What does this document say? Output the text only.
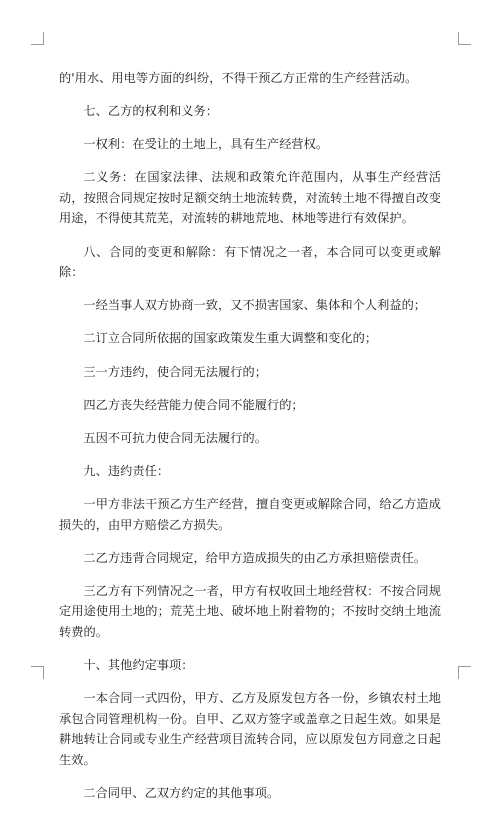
的'用水、用电等方面的纠纷，不得干预乙方正常的生产经营活动。

七、乙方的权利和义务：

一权利：在受让的土地上，具有生产经营权。

二义务：在国家法律、法规和政策允许范围内，从事生产经营活动，按照合同规定按时足额交纳土地流转费，对流转土地不得擅自改变用途，不得使其荒芜，对流转的耕地荒地、林地等进行有效保护。

八、合同的变更和解除：有下情况之一者，本合同可以变更或解除：

一经当事人双方协商一致，又不损害国家、集体和个人利益的；

二订立合同所依据的国家政策发生重大调整和变化的；

三一方违约，使合同无法履行的；

四乙方丧失经营能力使合同不能履行的；

五因不可抗力使合同无法履行的。

九、违约责任：

一甲方非法干预乙方生产经营，擅自变更或解除合同，给乙方造成损失的，由甲方赔偿乙方损失。

二乙方违背合同规定，给甲方造成损失的由乙方承担赔偿责任。

三乙方有下列情况之一者，甲方有权收回土地经营权：不按合同规定用途使用土地的；荒芜土地、破坏地上附着物的；不按时交纳土地流转费的。

十、其他约定事项：

一本合同一式四份，甲方、乙方及原发包方各一份，乡镇农村土地承包合同管理机构一份。自甲、乙双方签字或盖章之日起生效。如果是耕地转让合同或专业生产经营项目流转合同，应以原发包方同意之日起生效。

二合同甲、乙双方约定的其他事项。
